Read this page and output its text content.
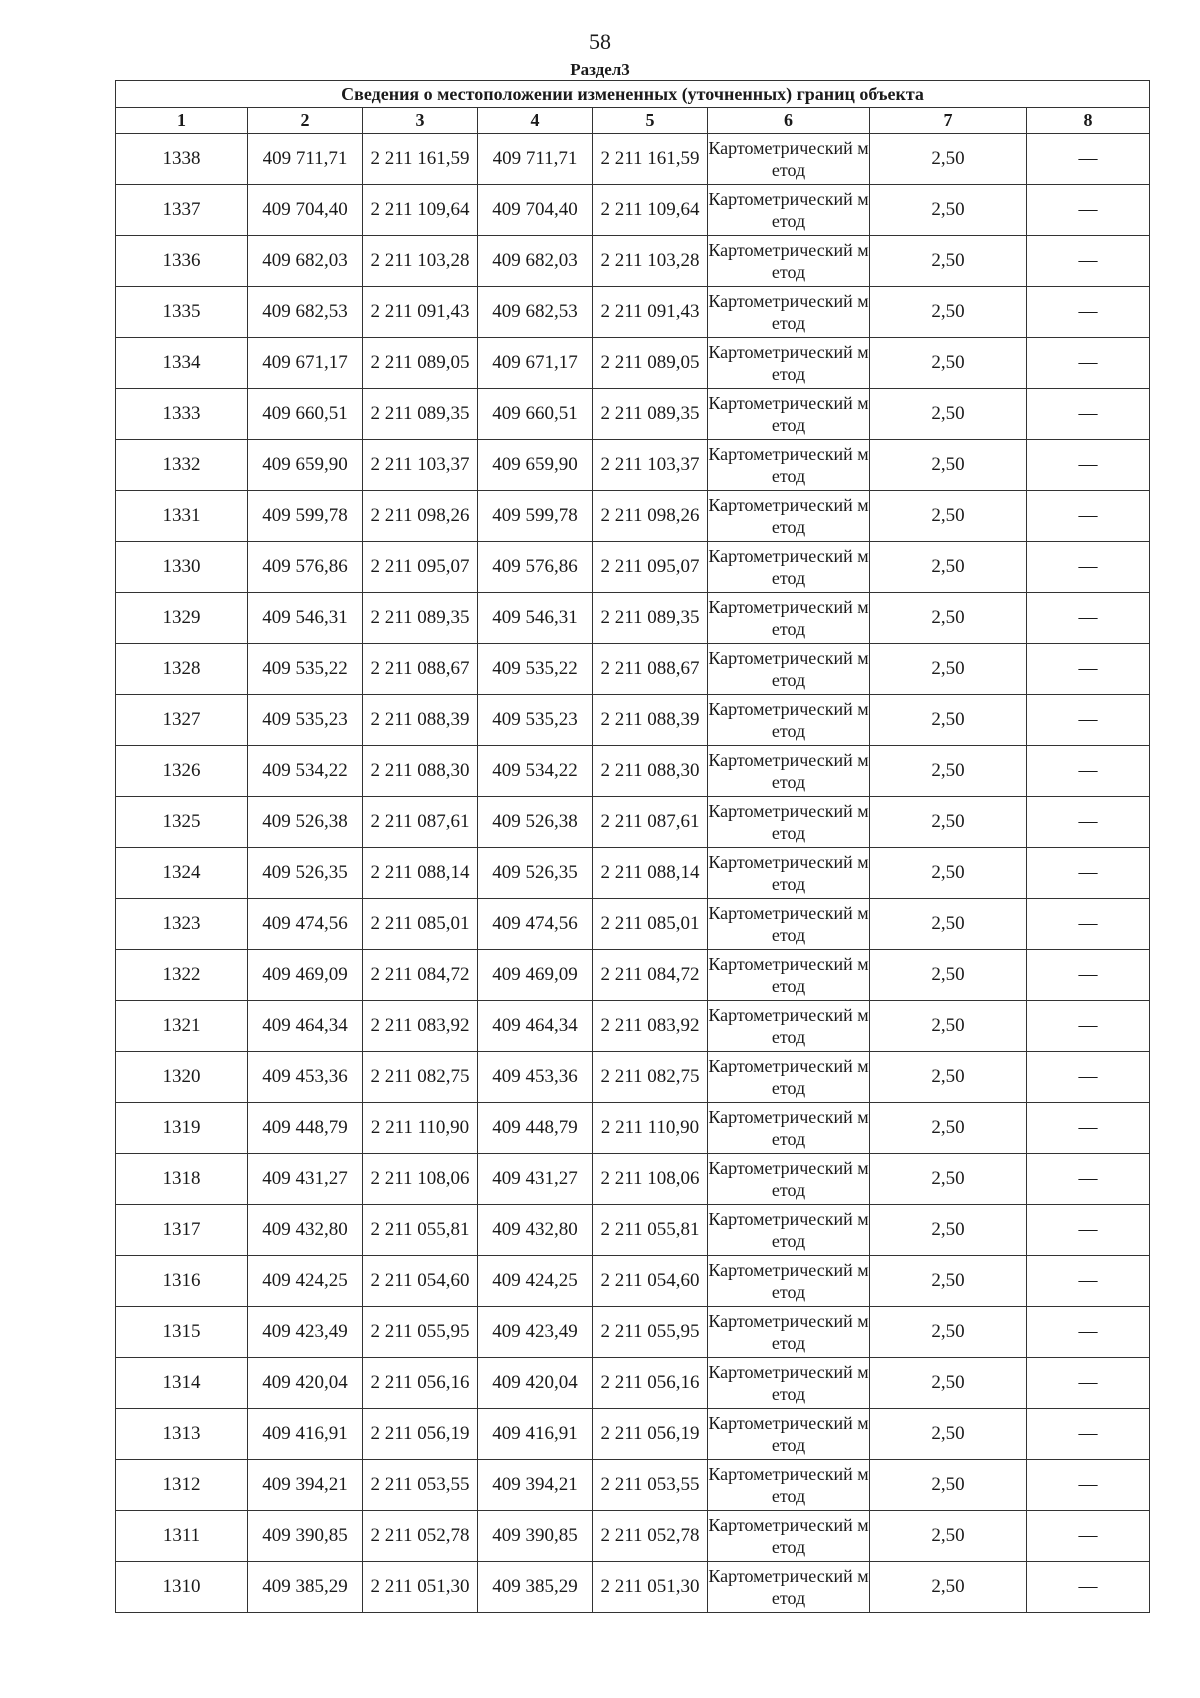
58
Раздел3
Сведения о местоположении измененных (уточненных) границ объекта							
1	2	3	4	5	6	7	8
1338	409 711,71	2 211 161,59	409 711,71	2 211 161,59	Картометрический метод	2,50	—
1337	409 704,40	2 211 109,64	409 704,40	2 211 109,64	Картометрический метод	2,50	—
1336	409 682,03	2 211 103,28	409 682,03	2 211 103,28	Картометрический метод	2,50	—
1335	409 682,53	2 211 091,43	409 682,53	2 211 091,43	Картометрический метод	2,50	—
1334	409 671,17	2 211 089,05	409 671,17	2 211 089,05	Картометрический метод	2,50	—
1333	409 660,51	2 211 089,35	409 660,51	2 211 089,35	Картометрический метод	2,50	—
1332	409 659,90	2 211 103,37	409 659,90	2 211 103,37	Картометрический метод	2,50	—
1331	409 599,78	2 211 098,26	409 599,78	2 211 098,26	Картометрический метод	2,50	—
1330	409 576,86	2 211 095,07	409 576,86	2 211 095,07	Картометрический метод	2,50	—
1329	409 546,31	2 211 089,35	409 546,31	2 211 089,35	Картометрический метод	2,50	—
1328	409 535,22	2 211 088,67	409 535,22	2 211 088,67	Картометрический метод	2,50	—
1327	409 535,23	2 211 088,39	409 535,23	2 211 088,39	Картометрический метод	2,50	—
1326	409 534,22	2 211 088,30	409 534,22	2 211 088,30	Картометрический метод	2,50	—
1325	409 526,38	2 211 087,61	409 526,38	2 211 087,61	Картометрический метод	2,50	—
1324	409 526,35	2 211 088,14	409 526,35	2 211 088,14	Картометрический метод	2,50	—
1323	409 474,56	2 211 085,01	409 474,56	2 211 085,01	Картометрический метод	2,50	—
1322	409 469,09	2 211 084,72	409 469,09	2 211 084,72	Картометрический метод	2,50	—
1321	409 464,34	2 211 083,92	409 464,34	2 211 083,92	Картометрический метод	2,50	—
1320	409 453,36	2 211 082,75	409 453,36	2 211 082,75	Картометрический метод	2,50	—
1319	409 448,79	2 211 110,90	409 448,79	2 211 110,90	Картометрический метод	2,50	—
1318	409 431,27	2 211 108,06	409 431,27	2 211 108,06	Картометрический метод	2,50	—
1317	409 432,80	2 211 055,81	409 432,80	2 211 055,81	Картометрический метод	2,50	—
1316	409 424,25	2 211 054,60	409 424,25	2 211 054,60	Картометрический метод	2,50	—
1315	409 423,49	2 211 055,95	409 423,49	2 211 055,95	Картометрический метод	2,50	—
1314	409 420,04	2 211 056,16	409 420,04	2 211 056,16	Картометрический метод	2,50	—
1313	409 416,91	2 211 056,19	409 416,91	2 211 056,19	Картометрический метод	2,50	—
1312	409 394,21	2 211 053,55	409 394,21	2 211 053,55	Картометрический метод	2,50	—
1311	409 390,85	2 211 052,78	409 390,85	2 211 052,78	Картометрический метод	2,50	—
1310	409 385,29	2 211 051,30	409 385,29	2 211 051,30	Картометрический метод	2,50	—
